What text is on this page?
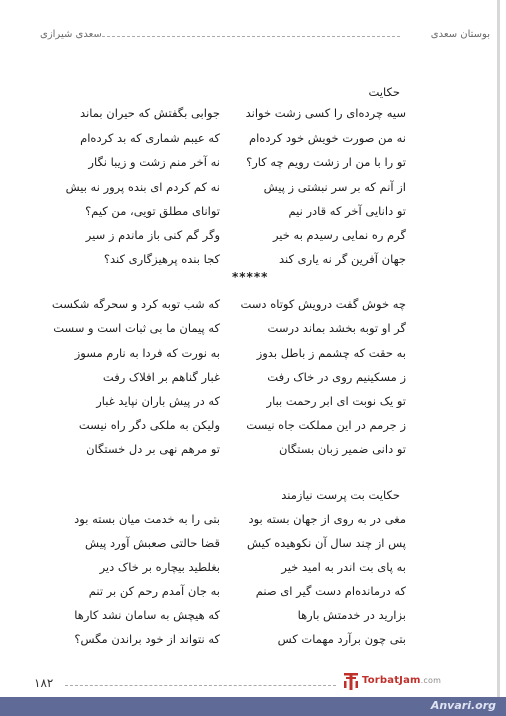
سعدی شیرازی	بوستان سعدی
حکایت
سیه چرده‌ای را کسی زشت خواند
جوابی بگفتش که حیران بماند
نه من صورت خویش خود کرده‌ام
که عیبم شماری که بد کرده‌ام
تو را با من ار زشت رویم چه کار؟
نه آخر منم زشت و زیبا نگار
از آنم که بر سر نبشتی ز پیش
نه کم کردم ای بنده پرور نه بیش
تو دانایی آخر که قادر نیم
توانای مطلق تویی، من کیم؟
گرم ره نمایی رسیدم به خیر
وگر گم کنی باز ماندم ز سیر
جهان آفرین گر نه یاری کند
کجا بنده پرهیزگاری کند؟
*****
چه خوش گفت درویش کوتاه دست
که شب توبه کرد و سحرگه شکست
گر او توبه بخشد بماند درست
که پیمان ما بی ثبات است و سست
به حقت که چشمم ز باطل بدوز
به نورت که فردا به نارم مسوز
ز مسکینیم روی در خاک رفت
غبار گناهم بر افلاک رفت
تو یک نوبت ای ابر رحمت ببار
که در پیش باران نپاید غبار
ز جرمم در این مملکت جاه نیست
ولیکن به ملکی دگر راه نیست
تو دانی ضمیر زبان بستگان
تو مرهم نهی بر دل خستگان
حکایت بت پرست نیازمند
مغی در به روی از جهان بسته بود
بتی را به خدمت میان بسته بود
پس از چند سال آن نکوهیده کیش
قضا حالتی صعبش آورد پیش
به پای بت اندر به امید خیر
بغلطید بیچاره بر خاک دیر
که درمانده‌ام دست گیر ای صنم
به جان آمدم رحم کن بر تنم
بزارید در خدمتش بارها
که هیچش به سامان نشد کارها
بتی چون برآرد مهمات کس
که نتواند از خود براندن مگس؟
۱۸۲	TorbatJam.com
Anvari.org
